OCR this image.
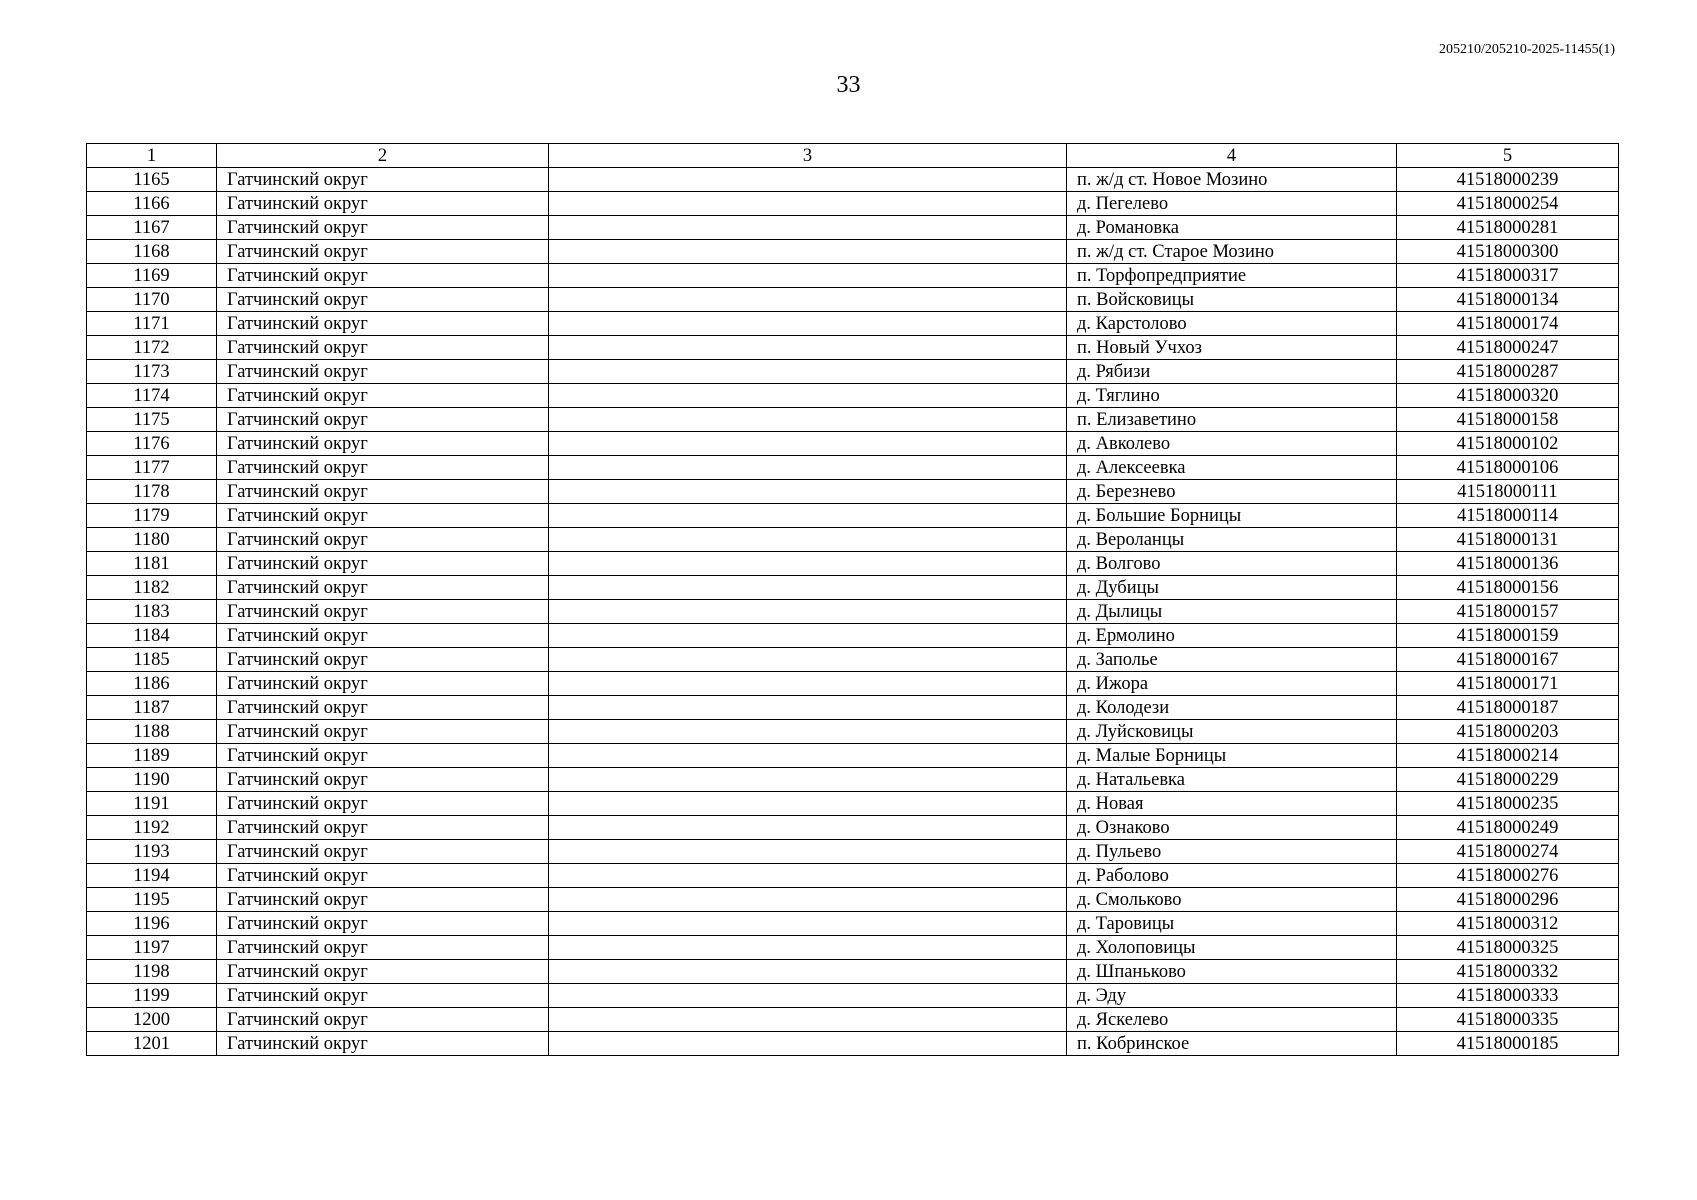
205210/205210-2025-11455(1)
33
1	2	3	4	5
1165	Гатчинский округ		п. ж/д ст. Новое Мозино	41518000239
1166	Гатчинский округ		д. Пегелево	41518000254
1167	Гатчинский округ		д. Романовка	41518000281
1168	Гатчинский округ		п. ж/д ст. Старое Мозино	41518000300
1169	Гатчинский округ		п. Торфопредприятие	41518000317
1170	Гатчинский округ		п. Войсковицы	41518000134
1171	Гатчинский округ		д. Карстолово	41518000174
1172	Гатчинский округ		п. Новый Учхоз	41518000247
1173	Гатчинский округ		д. Рябизи	41518000287
1174	Гатчинский округ		д. Тяглино	41518000320
1175	Гатчинский округ		п. Елизаветино	41518000158
1176	Гатчинский округ		д. Авколево	41518000102
1177	Гатчинский округ		д. Алексеевка	41518000106
1178	Гатчинский округ		д. Березнево	41518000111
1179	Гатчинский округ		д. Большие Борницы	41518000114
1180	Гатчинский округ		д. Вероланцы	41518000131
1181	Гатчинский округ		д. Волгово	41518000136
1182	Гатчинский округ		д. Дубицы	41518000156
1183	Гатчинский округ		д. Дылицы	41518000157
1184	Гатчинский округ		д. Ермолино	41518000159
1185	Гатчинский округ		д. Заполье	41518000167
1186	Гатчинский округ		д. Ижора	41518000171
1187	Гатчинский округ		д. Колодези	41518000187
1188	Гатчинский округ		д. Луйсковицы	41518000203
1189	Гатчинский округ		д. Малые Борницы	41518000214
1190	Гатчинский округ		д. Натальевка	41518000229
1191	Гатчинский округ		д. Новая	41518000235
1192	Гатчинский округ		д. Ознаково	41518000249
1193	Гатчинский округ		д. Пульево	41518000274
1194	Гатчинский округ		д. Раболово	41518000276
1195	Гатчинский округ		д. Смольково	41518000296
1196	Гатчинский округ		д. Таровицы	41518000312
1197	Гатчинский округ		д. Холоповицы	41518000325
1198	Гатчинский округ		д. Шпаньково	41518000332
1199	Гатчинский округ		д. Эду	41518000333
1200	Гатчинский округ		д. Яскелево	41518000335
1201	Гатчинский округ		п. Кобринское	41518000185
